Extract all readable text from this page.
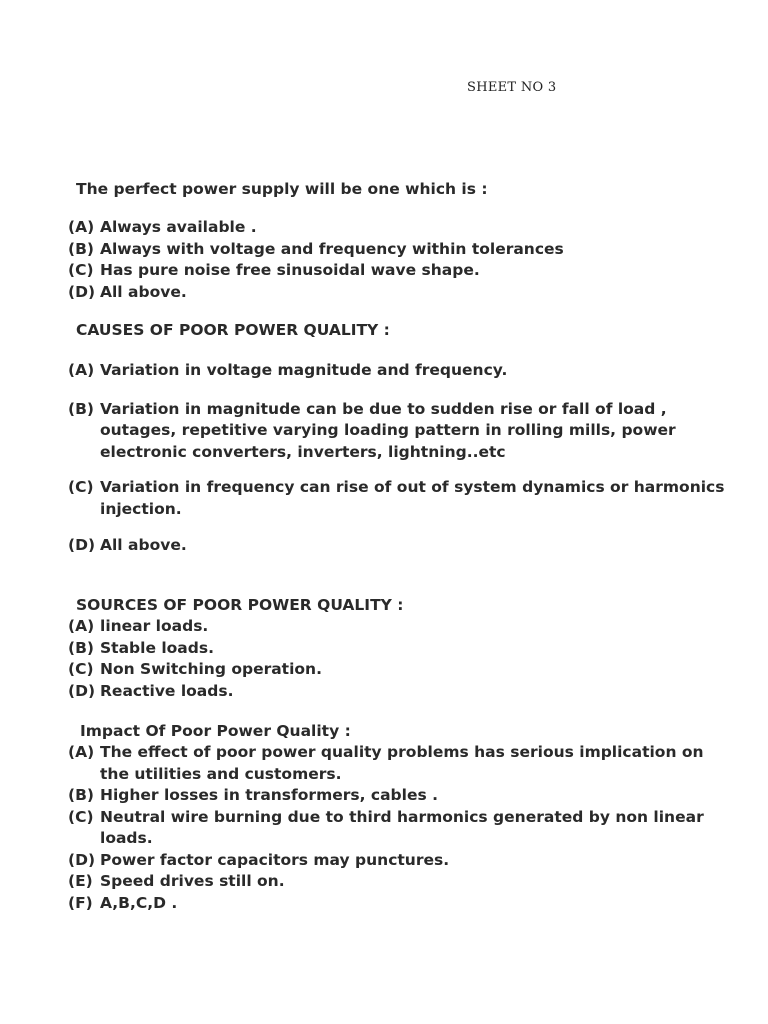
SHEET NO 3
The perfect power supply will be one which is :
(A) Always available .
(B) Always with voltage and frequency within tolerances
(C) Has pure noise free sinusoidal wave shape.
(D) All above.
CAUSES OF POOR POWER QUALITY :
(A) Variation in voltage magnitude and frequency.
(B) Variation in magnitude can be due to sudden rise or fall of load , outages, repetitive varying loading pattern in rolling mills, power electronic converters, inverters, lightning..etc
(C) Variation in frequency can rise of out of system dynamics or harmonics injection.
(D) All above.
SOURCES OF POOR POWER QUALITY :
(A) linear loads.
(B) Stable loads.
(C) Non Switching operation.
(D) Reactive loads.
Impact Of Poor Power Quality :
(A) The effect of poor power quality problems has serious implication on the utilities and customers.
(B) Higher losses in transformers, cables .
(C) Neutral wire burning due to third harmonics generated by non linear loads.
(D) Power factor capacitors may punctures.
(E) Speed drives still on.
(F) A,B,C,D .
